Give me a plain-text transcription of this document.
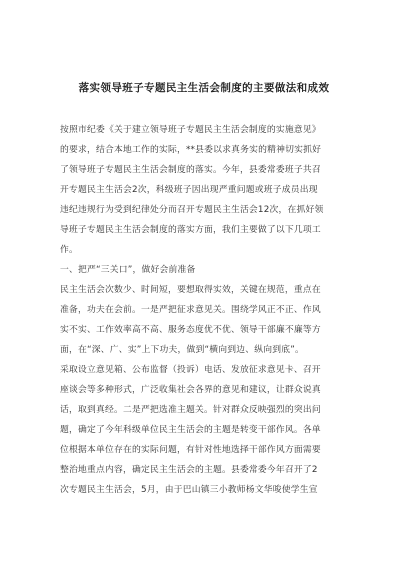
落实领导班子专题民主生活会制度的主要做法和成效

按照市纪委《关于建立领导班子专题民主生活会制度的实施意见》
的要求，结合本地工作的实际，**县委以求真务实的精神切实抓好
了领导班子专题民主生活会制度的落实。今年，县委常委班子共召
开专题民主生活会2次，科级班子因出现严重问题或班子成员出现
违纪违规行为受到纪律处分而召开专题民主生活会12次，在抓好领
导班子专题民主生活会制度的落实方面，我们主要做了以下几项工
作。

一、把严“三关口”，做好会前准备

民主生活会次数少、时间短，要想取得实效，关键在规范，重点在
准备，功夫在会前。一是严把征求意见关。围绕学风正不正、作风
实不实、工作效率高不高、服务态度优不优、领导干部廉不廉等方
面，在“深、广、实”上下功夫，做到“横向到边、纵向到底”。
采取设立意见箱、公布监督（投诉）电话、发放征求意见卡、召开
座谈会等多种形式，广泛收集社会各界的意见和建议，让群众说真
话，取到真经。二是严把选准主题关。针对群众反映强烈的突出问
题，确定了今年科级单位民主生活会的主题是转变干部作风。各单
位根据本单位存在的实际问题，有针对性地选择干部作风方面需要
整治地重点内容，确定民主生活会的主题。县委常委今年召开了2
次专题民主生活会，5月，由于巴山镇三小教师杨文华唆使学生宣
